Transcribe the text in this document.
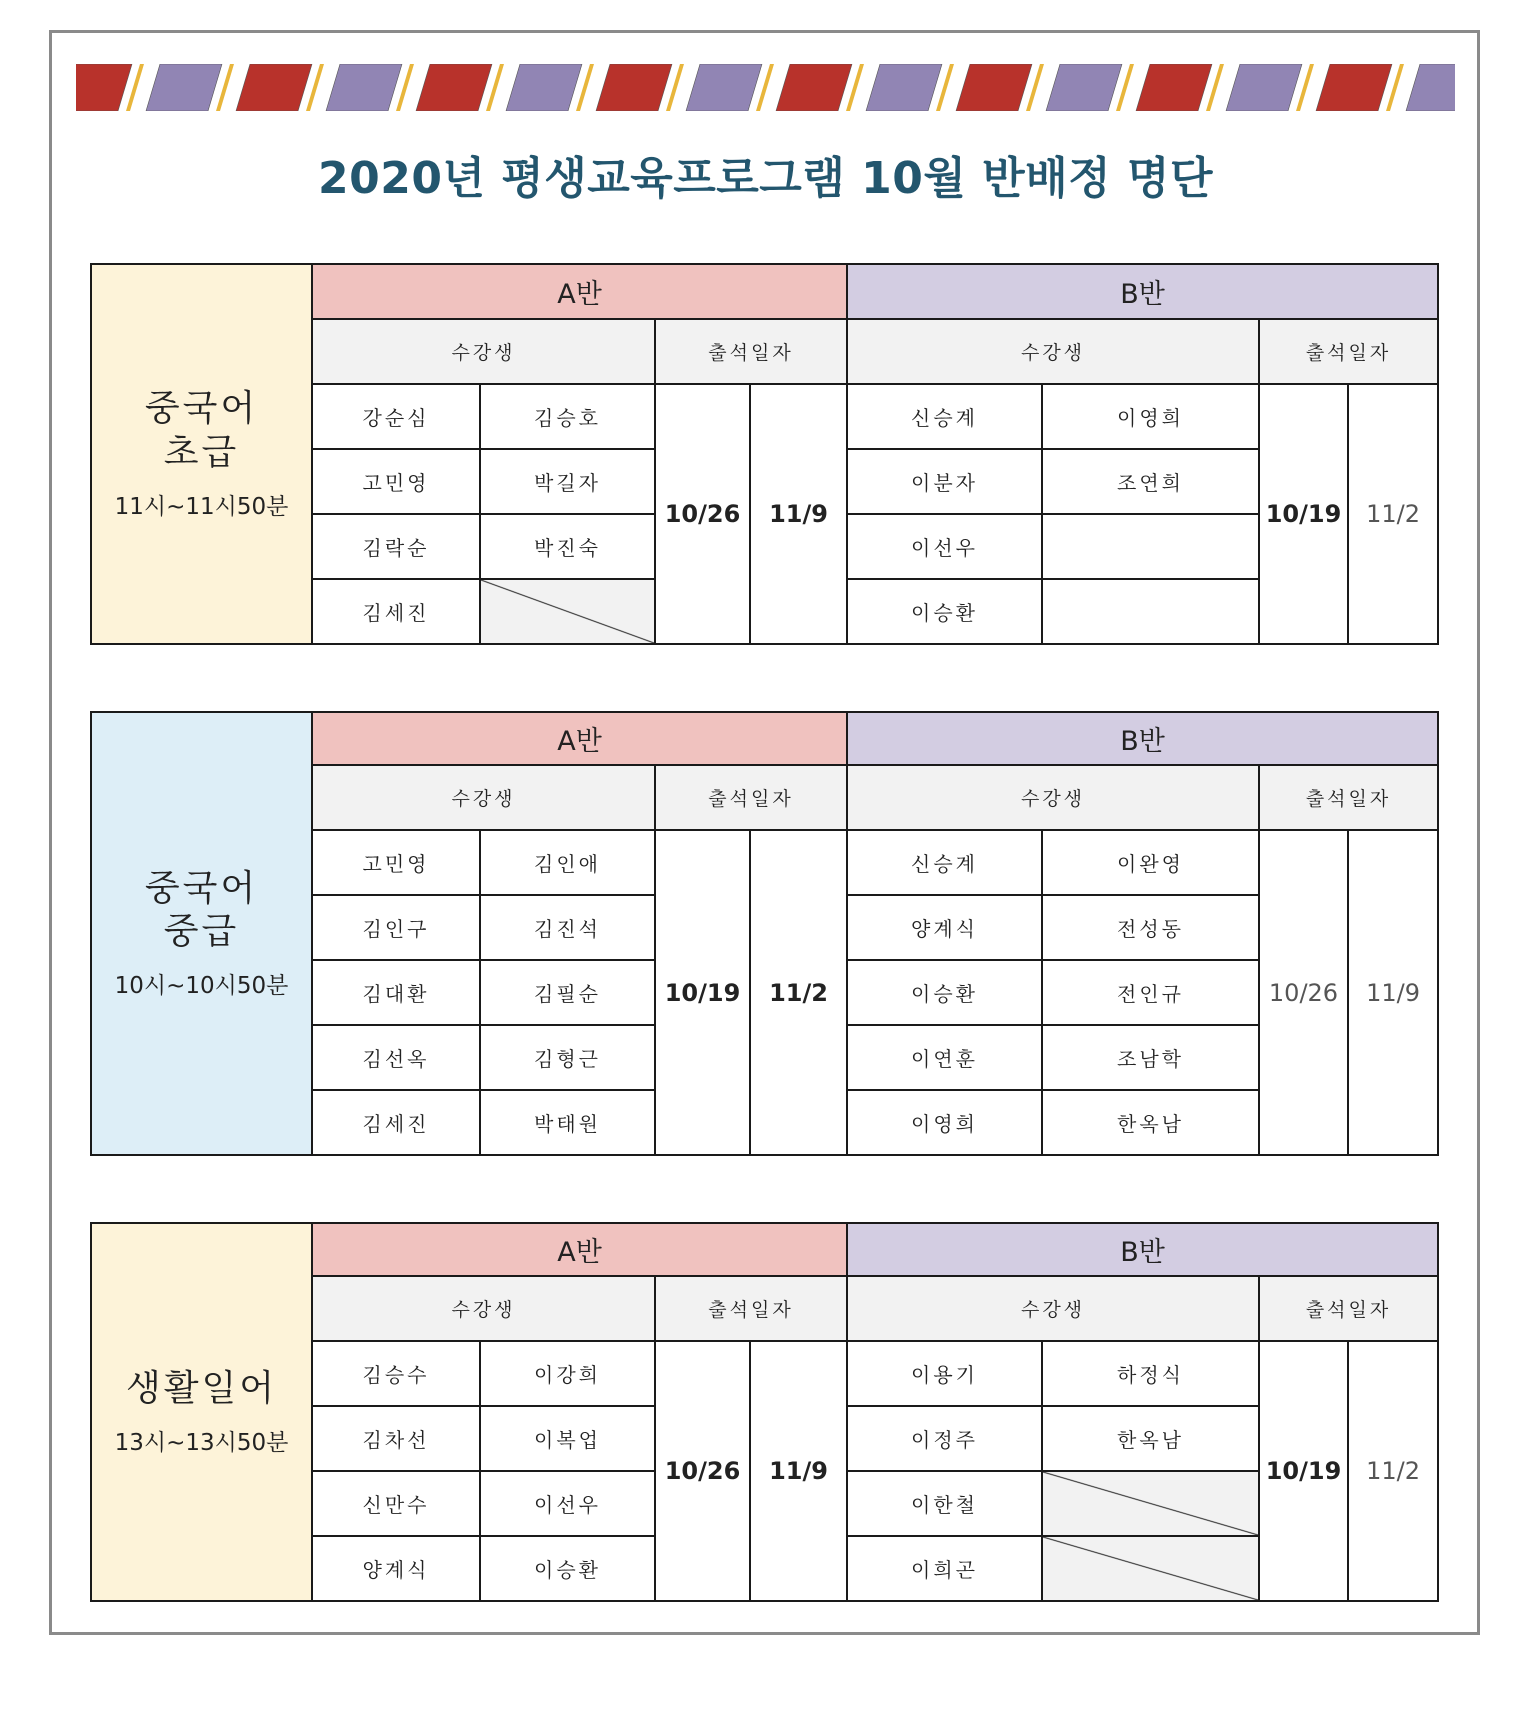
2020년 평생교육프로그램 10월 반배정 명단
중국어
초급
11시~11시50분	A반				B반			
	수강생		출석일자		수강생		출석일자	
	강순심	김승호	10/26	11/9	신승계	이영희	10/19	11/2
	고민영	박길자			이분자	조연희		
	김락순	박진숙			이선우			
	김세진				이승환			
중국어
중급
10시~10시50분	A반				B반			
	수강생		출석일자		수강생		출석일자	
	고민영	김인애	10/19	11/2	신승계	이완영	10/26	11/9
	김인구	김진석			양계식	전성동		
	김대환	김필순			이승환	전인규		
	김선옥	김형근			이연훈	조남학		
	김세진	박태원			이영희	한옥남		
생활일어
13시~13시50분	A반				B반			
	수강생		출석일자		수강생		출석일자	
	김승수	이강희	10/26	11/9	이용기	하정식	10/19	11/2
	김차선	이복업			이정주	한옥남		
	신만수	이선우			이한철			
	양계식	이승환			이희곤			
